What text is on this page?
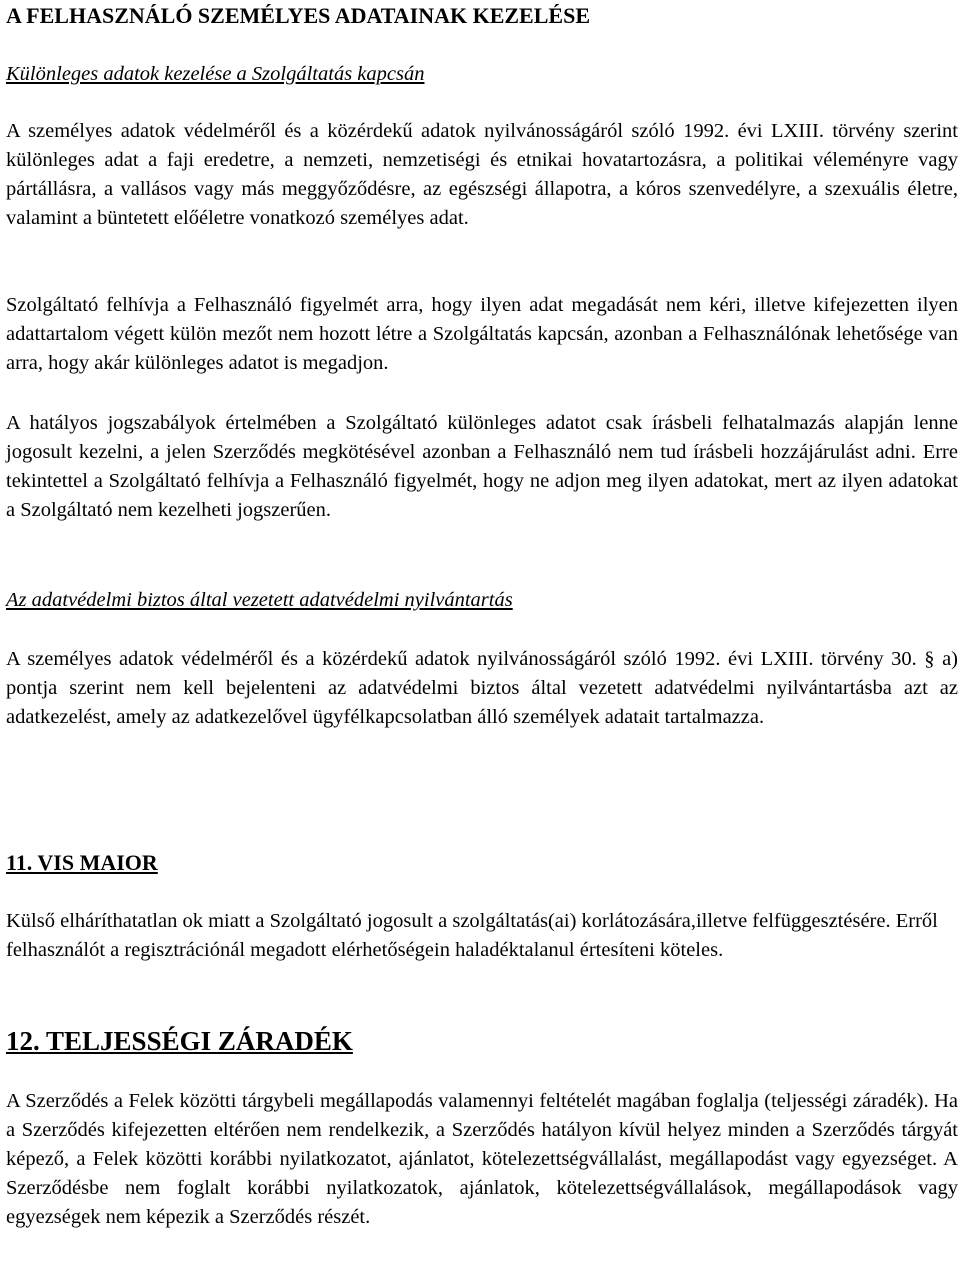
A FELHASZNÁLÓ SZEMÉLYES ADATAINAK KEZELÉSE
Különleges adatok kezelése a Szolgáltatás kapcsán

A személyes adatok védelméről és a közérdekű adatok nyilvánosságáról szóló 1992. évi LXIII. törvény szerint különleges adat a faji eredetre, a nemzeti, nemzetiségi és etnikai hovatartozásra, a politikai véleményre vagy pártállásra, a vallásos vagy más meggyőződésre, az egészségi állapotra, a kóros szenvedélyre, a szexuális életre, valamint a büntetett előéletre vonatkozó személyes adat.

Szolgáltató felhívja a Felhasználó figyelmét arra, hogy ilyen adat megadását nem kéri, illetve kifejezetten ilyen adattartalom végett külön mezőt nem hozott létre a Szolgáltatás kapcsán, azonban a Felhasználónak lehetősége van arra, hogy akár különleges adatot is megadjon.

A hatályos jogszabályok értelmében a Szolgáltató különleges adatot csak írásbeli felhatalmazás alapján lenne jogosult kezelni, a jelen Szerződés megkötésével azonban a Felhasználó nem tud írásbeli hozzájárulást adni. Erre tekintettel a Szolgáltató felhívja a Felhasználó figyelmét, hogy ne adjon meg ilyen adatokat, mert az ilyen adatokat a Szolgáltató nem kezelheti jogszerűen.

Az adatvédelmi biztos által vezetett adatvédelmi nyilvántartás

A személyes adatok védelméről és a közérdekű adatok nyilvánosságáról szóló 1992. évi LXIII. törvény 30. § a) pontja szerint nem kell bejelenteni az adatvédelmi biztos által vezetett adatvédelmi nyilvántartásba azt az adatkezelést, amely az adatkezelővel ügyfélkapcsolatban álló személyek adatait tartalmazza.

11. VIS MAIOR

Külső elháríthatatlan ok miatt a Szolgáltató jogosult a szolgáltatás(ai) korlátozására,illetve felfüggesztésére. Erről felhasználót a regisztrációnál megadott elérhetőségein haladéktalanul értesíteni köteles.

12. TELJESSÉGI ZÁRADÉK

A Szerződés a Felek közötti tárgybeli megállapodás valamennyi feltételét magában foglalja (teljességi záradék). Ha a Szerződés kifejezetten eltérően nem rendelkezik, a Szerződés hatályon kívül helyez minden a Szerződés tárgyát képező, a Felek közötti korábbi nyilatkozatot, ajánlatot, kötelezettségvállalást, megállapodást vagy egyezséget. A Szerződésbe nem foglalt korábbi nyilatkozatok, ajánlatok, kötelezettségvállalások, megállapodások vagy egyezségek nem képezik a Szerződés részét.
